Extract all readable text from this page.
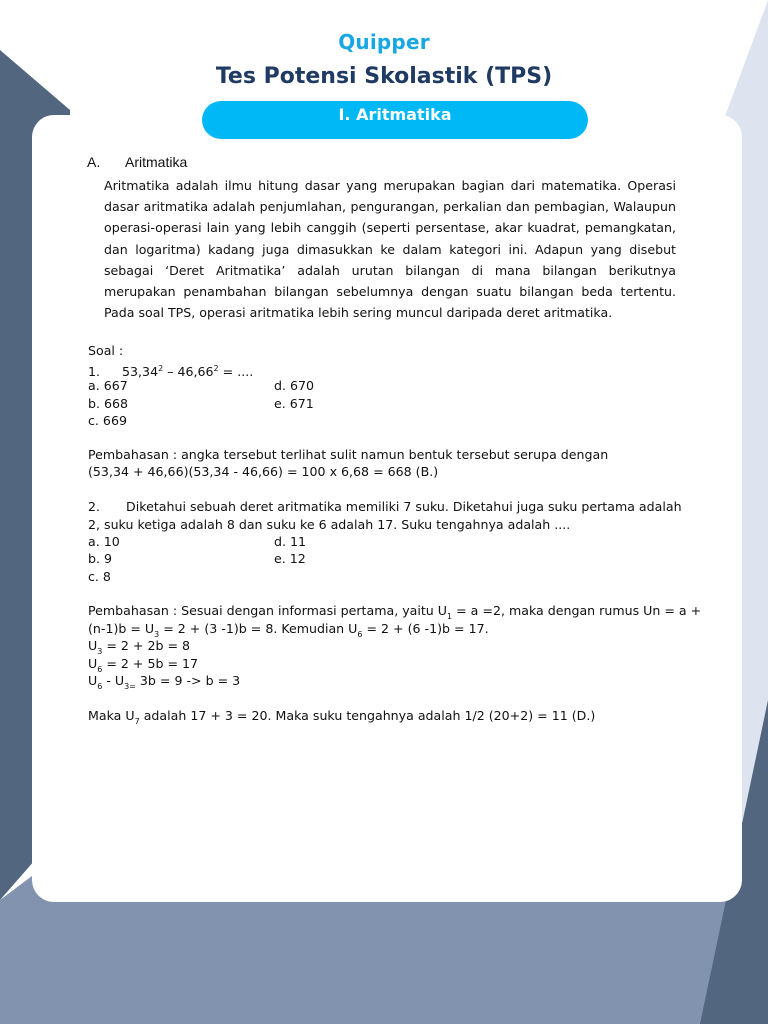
Quipper
Tes Potensi Skolastik (TPS)
I. Aritmatika
A. Aritmatika
Aritmatika adalah ilmu hitung dasar yang merupakan bagian dari matematika. Operasi dasar aritmatika adalah penjumlahan, pengurangan, perkalian dan pembagian, Walaupun operasi-operasi lain yang lebih canggih (seperti persentase, akar kuadrat, pemangkatan, dan logaritma) kadang juga dimasukkan ke dalam kategori ini. Adapun yang disebut sebagai ‘Deret Aritmatika’ adalah urutan bilangan di mana bilangan berikutnya merupakan penambahan bilangan sebelumnya dengan suatu bilangan beda tertentu. Pada soal TPS, operasi aritmatika lebih sering muncul daripada deret aritmatika.
Soal :
1. $53,34^2 - 46,66^2$ = ....
a. 667	d. 670
b. 668	e. 671
c. 669
Pembahasan : angka tersebut terlihat sulit namun bentuk tersebut serupa dengan
(53,34 + 46,66)(53,34 - 46,66) = 100 x 6,68 = 668 (B.)
2. Diketahui sebuah deret aritmatika memiliki 7 suku. Diketahui juga suku pertama adalah
2, suku ketiga adalah 8 dan suku ke 6 adalah 17. Suku tengahnya adalah ....
a. 10	d. 11
b. 9	e. 12
c. 8
Pembahasan : Sesuai dengan informasi pertama, yaitu $U_1 = a =2$, maka dengan rumus Un = a +
$(n-1)b = U_3 = 2 + (3$ -1)b = 8. Kemudian $U_6 = 2 + (6$ -1)b = 17.
$U_3 = 2 + 2b = 8$
$U_6 = 2 + 5b = 17$
$U_6 - U_{3=}$ 3b = 9 -> b = 3
Maka $U_7$ adalah 17 + 3 = 20. Maka suku tengahnya adalah 1/2 (20+2) = 11 (D.)
